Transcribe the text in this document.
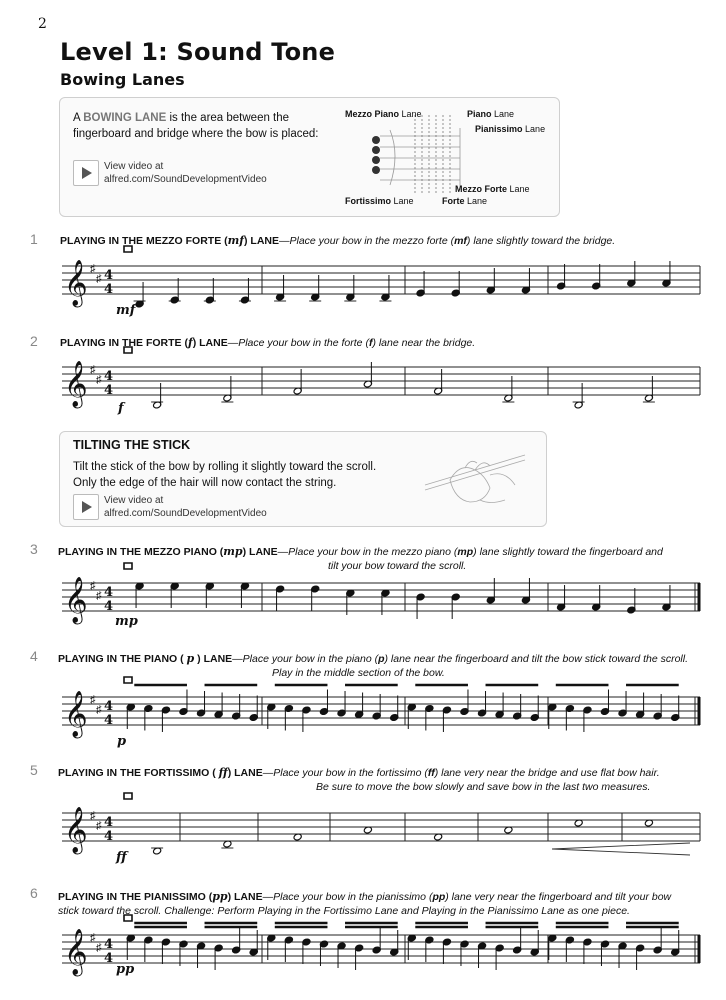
2
Level 1: Sound Tone
Bowing Lanes
A BOWING LANE is the area between the fingerboard and bridge where the bow is placed:
View video at
alfred.com/SoundDevelopmentVideo
Mezzo Piano Lane	Piano Lane
Pianissimo Lane
Mezzo Forte Lane
Fortissimo Lane	Forte Lane
1 PLAYING IN THE MEZZO FORTE (mf) LANE—Place your bow in the mezzo forte (mf) lane slightly toward the bridge.
2 PLAYING IN THE FORTE (f) LANE—Place your bow in the forte (f) lane near the bridge.
3 PLAYING IN THE MEZZO PIANO (mp) LANE—Place your bow in the mezzo piano (mp) lane slightly toward the fingerboard and
tilt your bow toward the scroll.
4 PLAYING IN THE PIANO ( p ) LANE—Place your bow in the piano (p) lane near the fingerboard and tilt the bow stick toward the scroll.
Play in the middle section of the bow.
5 PLAYING IN THE FORTISSIMO ( ff) LANE—Place your bow in the fortissimo (ff) lane very near the bridge and use flat bow hair.
Be sure to move the bow slowly and save bow in the last two measures.
6 PLAYING IN THE PIANISSIMO (pp) LANE—Place your bow in the pianissimo (pp) lane very near the fingerboard and tilt your bow
stick toward the scroll. Challenge: Perform Playing in the Fortissimo Lane and Playing in the Pianissimo Lane as one piece.
TILTING THE STICK
Tilt the stick of the bow by rolling it slightly toward the scroll.
Only the edge of the hair will now contact the string.
View video at
alfred.com/SoundDevelopmentVideo
𝄞 ♯
♯ 4
4
𝄞 ♯
♯ 4
4
𝄞 ♯
♯ 4
4
𝄞 ♯
♯ 4
4
𝄞 ♯
♯ 4
4
𝄞 ♯
♯ 4
4
mf
f
mp
p
ff
pp
